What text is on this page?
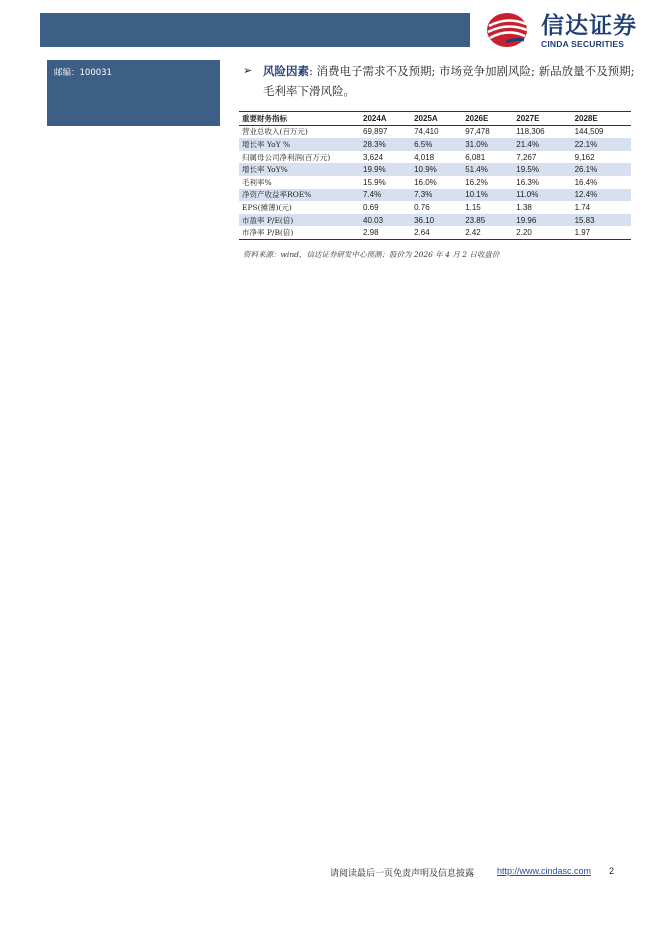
信达证券
CINDA SECURITIES
邮编：100031	➢ 风险因素: 消费电子需求不及预期; 市场竞争加剧风险; 新品放量不及预期; 毛利率下滑风险。
重要财务指标	2024A	2025A	2026E	2027E	2028E
营业总收入(百万元)	69,897	74,410	97,478	118,306	144,509
增长率 YoY %	28.3%	6.5%	31.0%	21.4%	22.1%
归属母公司净利润(百万元)	3,624	4,018	6,081	7,267	9,162
增长率 YoY%	19.9%	10.9%	51.4%	19.5%	26.1%
毛利率%	15.9%	16.0%	16.2%	16.3%	16.4%
净资产收益率ROE%	7.4%	7.3%	10.1%	11.0%	12.4%
EPS(摊薄)(元)	0.69	0.76	1.15	1.38	1.74
市盈率 P/E(倍)	40.03	36.10	23.85	19.96	15.83
市净率 P/B(倍)	2.98	2.64	2.42	2.20	1.97
资料来源：wind，信达证券研发中心预测；股价为 2026 年 4 月 2 日收盘价
请阅读最后一页免责声明及信息披露	http://www.cindasc.com 2
